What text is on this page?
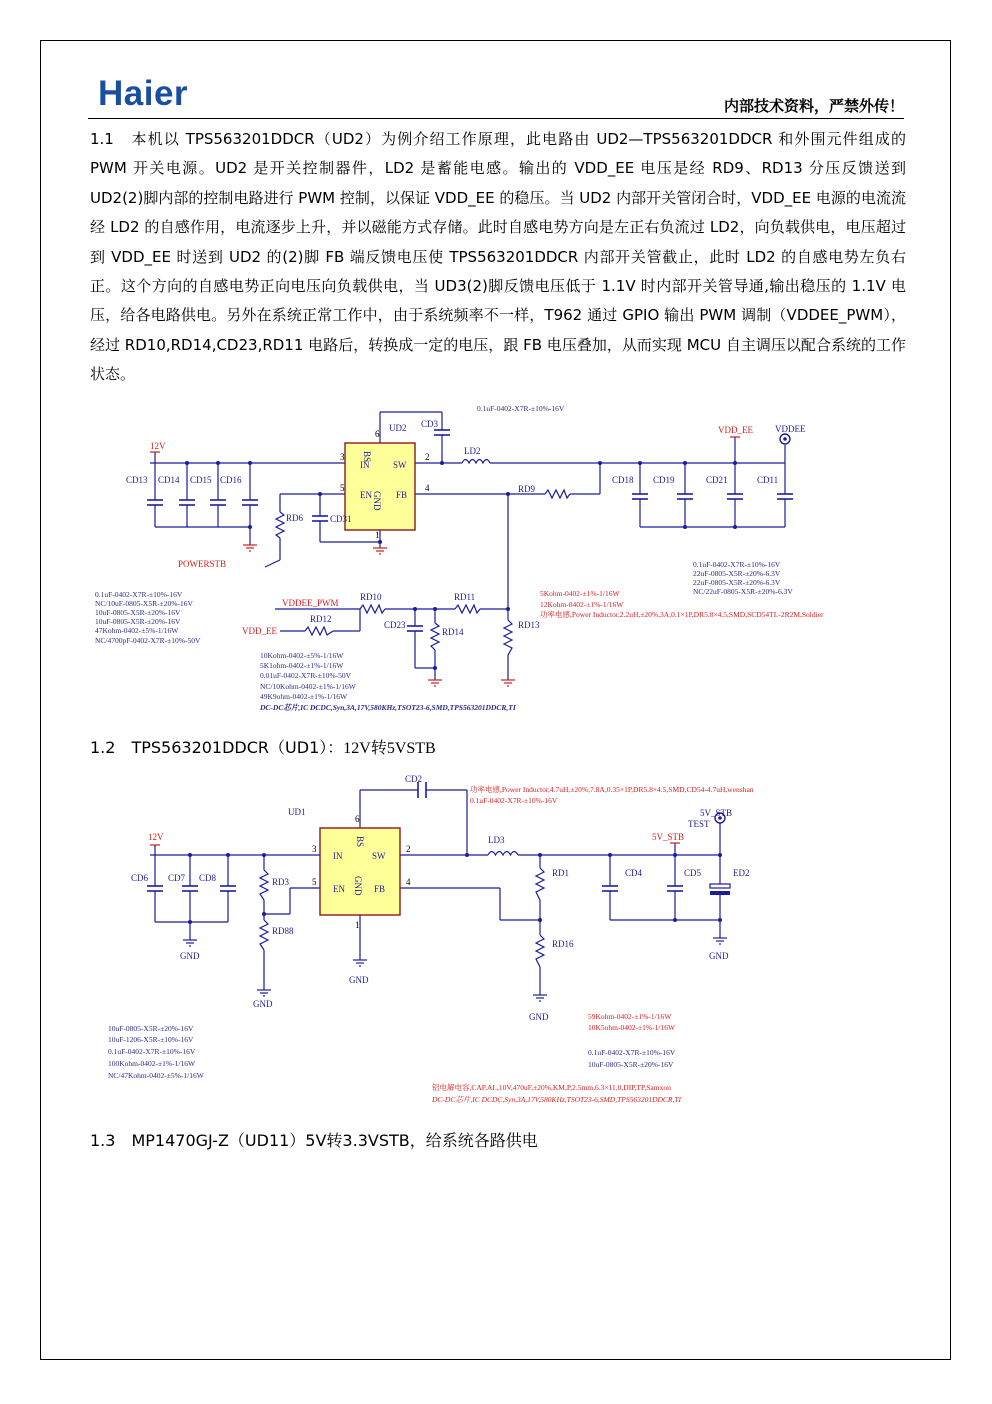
Haier	内部技术资料，严禁外传！

1.1 本机以 TPS563201DDCR（UD2）为例介绍工作原理，此电路由 UD2—TPS563201DDCR 和外围元件组成的 PWM 开关电源。UD2 是开关控制器件，LD2 是蓄能电感。输出的 VDD_EE 电压是经 RD9、RD13 分压反馈送到 UD2(2)脚内部的控制电路进行 PWM 控制，以保证 VDD_EE 的稳压。当 UD2 内部开关管闭合时，VDD_EE 电源的电流流经 LD2 的自感作用，电流逐步上升，并以磁能方式存储。此时自感电势方向是左正右负流过 LD2，向负载供电，电压超过到 VDD_EE 时送到 UD2 的(2)脚 FB 端反馈电压使 TPS563201DDCR 内部开关管截止，此时 LD2 的自感电势左负右正。这个方向的自感电势正向电压向负载供电，当 UD3(2)脚反馈电压低于 1.1V 时内部开关管导通,输出稳压的 1.1V 电压，给各电路供电。另外在系统正常工作中，由于系统频率不一样，T962 通过 GPIO 输出 PWM 调制（VDDEE_PWM），经过 RD10,RD14,CD23,RD11 电路后，转换成一定的电压，跟 FB 电压叠加，从而实现 MCU 自主调压以配合系统的工作状态。

BS
SW
IN
EN	FB
GND
3	2
5	4
6
1
UD2
12V
VDD_EE VDDEE
POWERSTB
VDDEE_PWM
VDD_EE
CD3
LD2
RD9
CD13 CD14 CD15 CD16
CD31
RD6
CD18 CD19	CD21	CD11
RD10	RD11
RD12
CD23
RD14
RD13
0.1uF-0402-X7R-±10%-16V
0.1uF-0402-X7R-±10%-16V
NC/10uF-0805-X5R-±20%-16V
10uF-0805-X5R-±20%-16V
10uF-0805-X5R-±20%-16V
47Kohm-0402-±5%-1/16W
NC/4700pF-0402-X7R-±10%-50V
0.1uF-0402-X7R-±10%-16V
22uF-0805-X5R-±20%-6.3V
22uF-0805-X5R-±20%-6.3V
NC/22uF-0805-X5R-±20%-6.3V
5Kohm-0402-±1%-1/16W
12Kohm-0402-±1%-1/16W
功率电感,Power Inductor,2.2uH,±20%,3A,0.1×1P,DR5.8×4.5,SMD,SCD54TL-2R2M,Soldier
10Kohm-0402-±5%-1/16W
5K1ohm-0402-±1%-1/16W
0.01uF-0402-X7R-±10%-50V
NC/10Kohm-0402-±1%-1/16W
49K9ohm-0402-±1%-1/16W
DC-DC芯片,IC DCDC,Syn,3A,17V,580KHz,TSOT23-6,SMD,TPS563201DDCR,TI

1.2 TPS563201DDCR（UD1）：12V转5VSTB

BS
SW
IN
EN	FB
GND
3	2
5	4
6
1
UD1
12V	5V_STB
5V_STB
TEST
GND
GND
GND
GND
GND
CD2
LD3
CD6 CD7 CD8	RD3
RD88
RD1
RD16
CD4	CD5	ED2
功率电感,Power Inductor,4.7uH,±20%,7.8A,0.35×1P,DR5.8×4.5,SMD,CD54-4.7uH,wenshan
0.1uF-0402-X7R-±10%-16V
10uF-0805-X5R-±20%-16V
10uF-1206-X5R-±10%-16V
0.1uF-0402-X7R-±10%-16V
100Kohm-0402-±1%-1/16W
NC/47Kohm-0402-±5%-1/16W
59Kohm-0402-±1%-1/16W
10K5ohm-0402-±1%-1/16W
0.1uF-0402-X7R-±10%-16V
10uF-0805-X5R-±20%-16V
铝电解电容,CAP,AL,10V,470uF,±20%,KM,P,2.5mm,6.3×11.0,DIP,TP,Samxon
DC-DC芯片,IC DCDC,Syn,3A,17V,580KHz,TSOT23-6,SMD,TPS563201DDCR,TI

1.3 MP1470GJ-Z（UD11）5V转3.3VSTB，给系统各路供电
